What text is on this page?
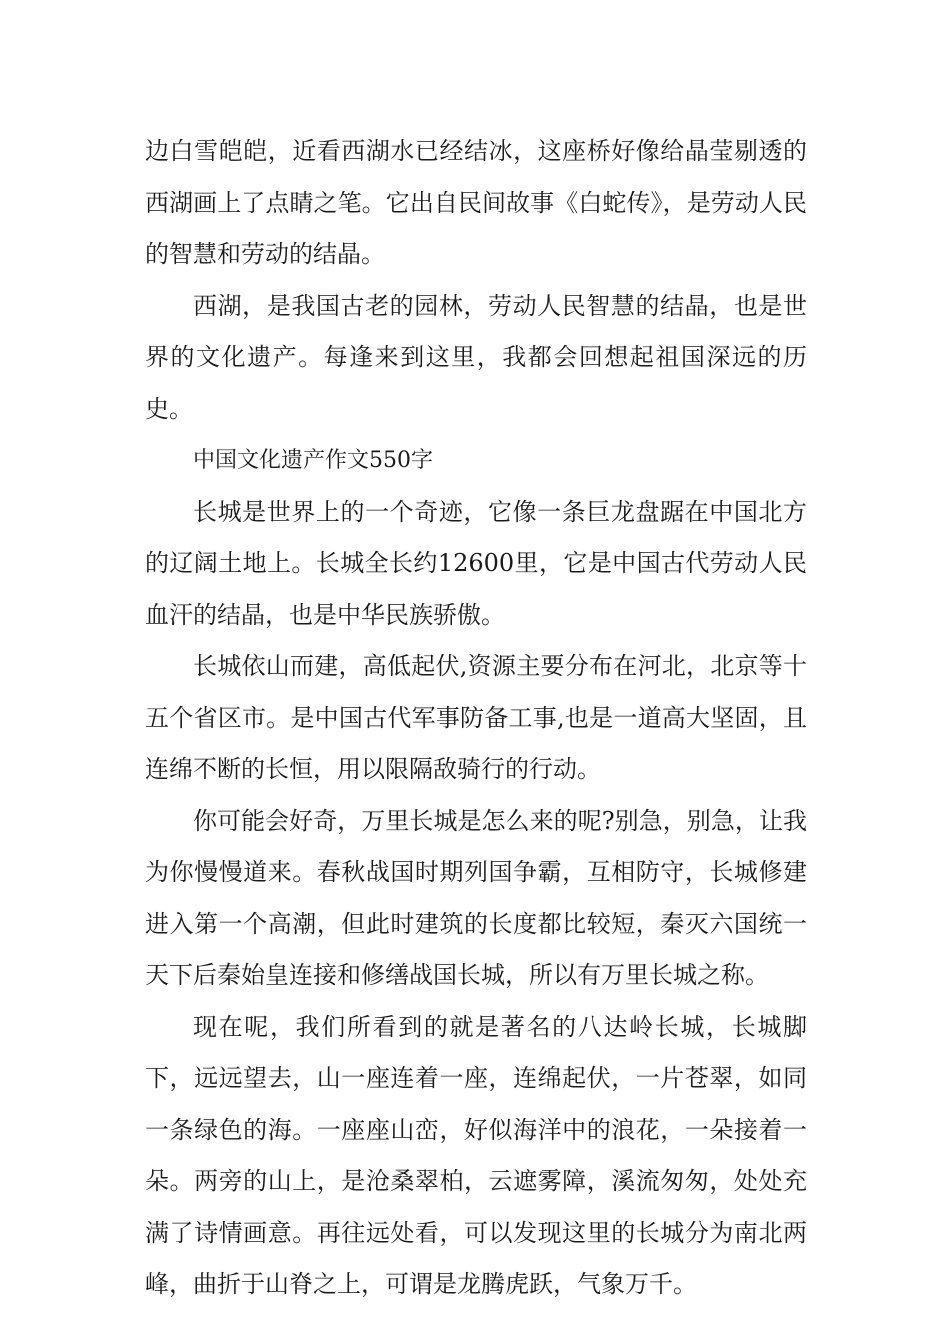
边白雪皑皑，近看西湖水已经结冰，这座桥好像给晶莹剔透的西湖画上了点睛之笔。它出自民间故事《白蛇传》，是劳动人民的智慧和劳动的结晶。

西湖，是我国古老的园林，劳动人民智慧的结晶，也是世界的文化遗产。每逢来到这里，我都会回想起祖国深远的历史。

中国文化遗产作文550字

长城是世界上的一个奇迹，它像一条巨龙盘踞在中国北方的辽阔土地上。长城全长约12600里，它是中国古代劳动人民血汗的结晶，也是中华民族骄傲。

长城依山而建，高低起伏,资源主要分布在河北，北京等十五个省区市。是中国古代军事防备工事,也是一道高大坚固，且连绵不断的长恒，用以限隔敌骑行的行动。

你可能会好奇，万里长城是怎么来的呢?别急，别急，让我为你慢慢道来。春秋战国时期列国争霸，互相防守，长城修建进入第一个高潮，但此时建筑的长度都比较短，秦灭六国统一天下后秦始皇连接和修缮战国长城，所以有万里长城之称。

现在呢，我们所看到的就是著名的八达岭长城，长城脚下，远远望去，山一座连着一座，连绵起伏，一片苍翠，如同一条绿色的海。一座座山峦，好似海洋中的浪花，一朵接着一朵。两旁的山上，是沧桑翠柏，云遮雾障，溪流匆匆，处处充满了诗情画意。再往远处看，可以发现这里的长城分为南北两峰，曲折于山脊之上，可谓是龙腾虎跃，气象万千。
